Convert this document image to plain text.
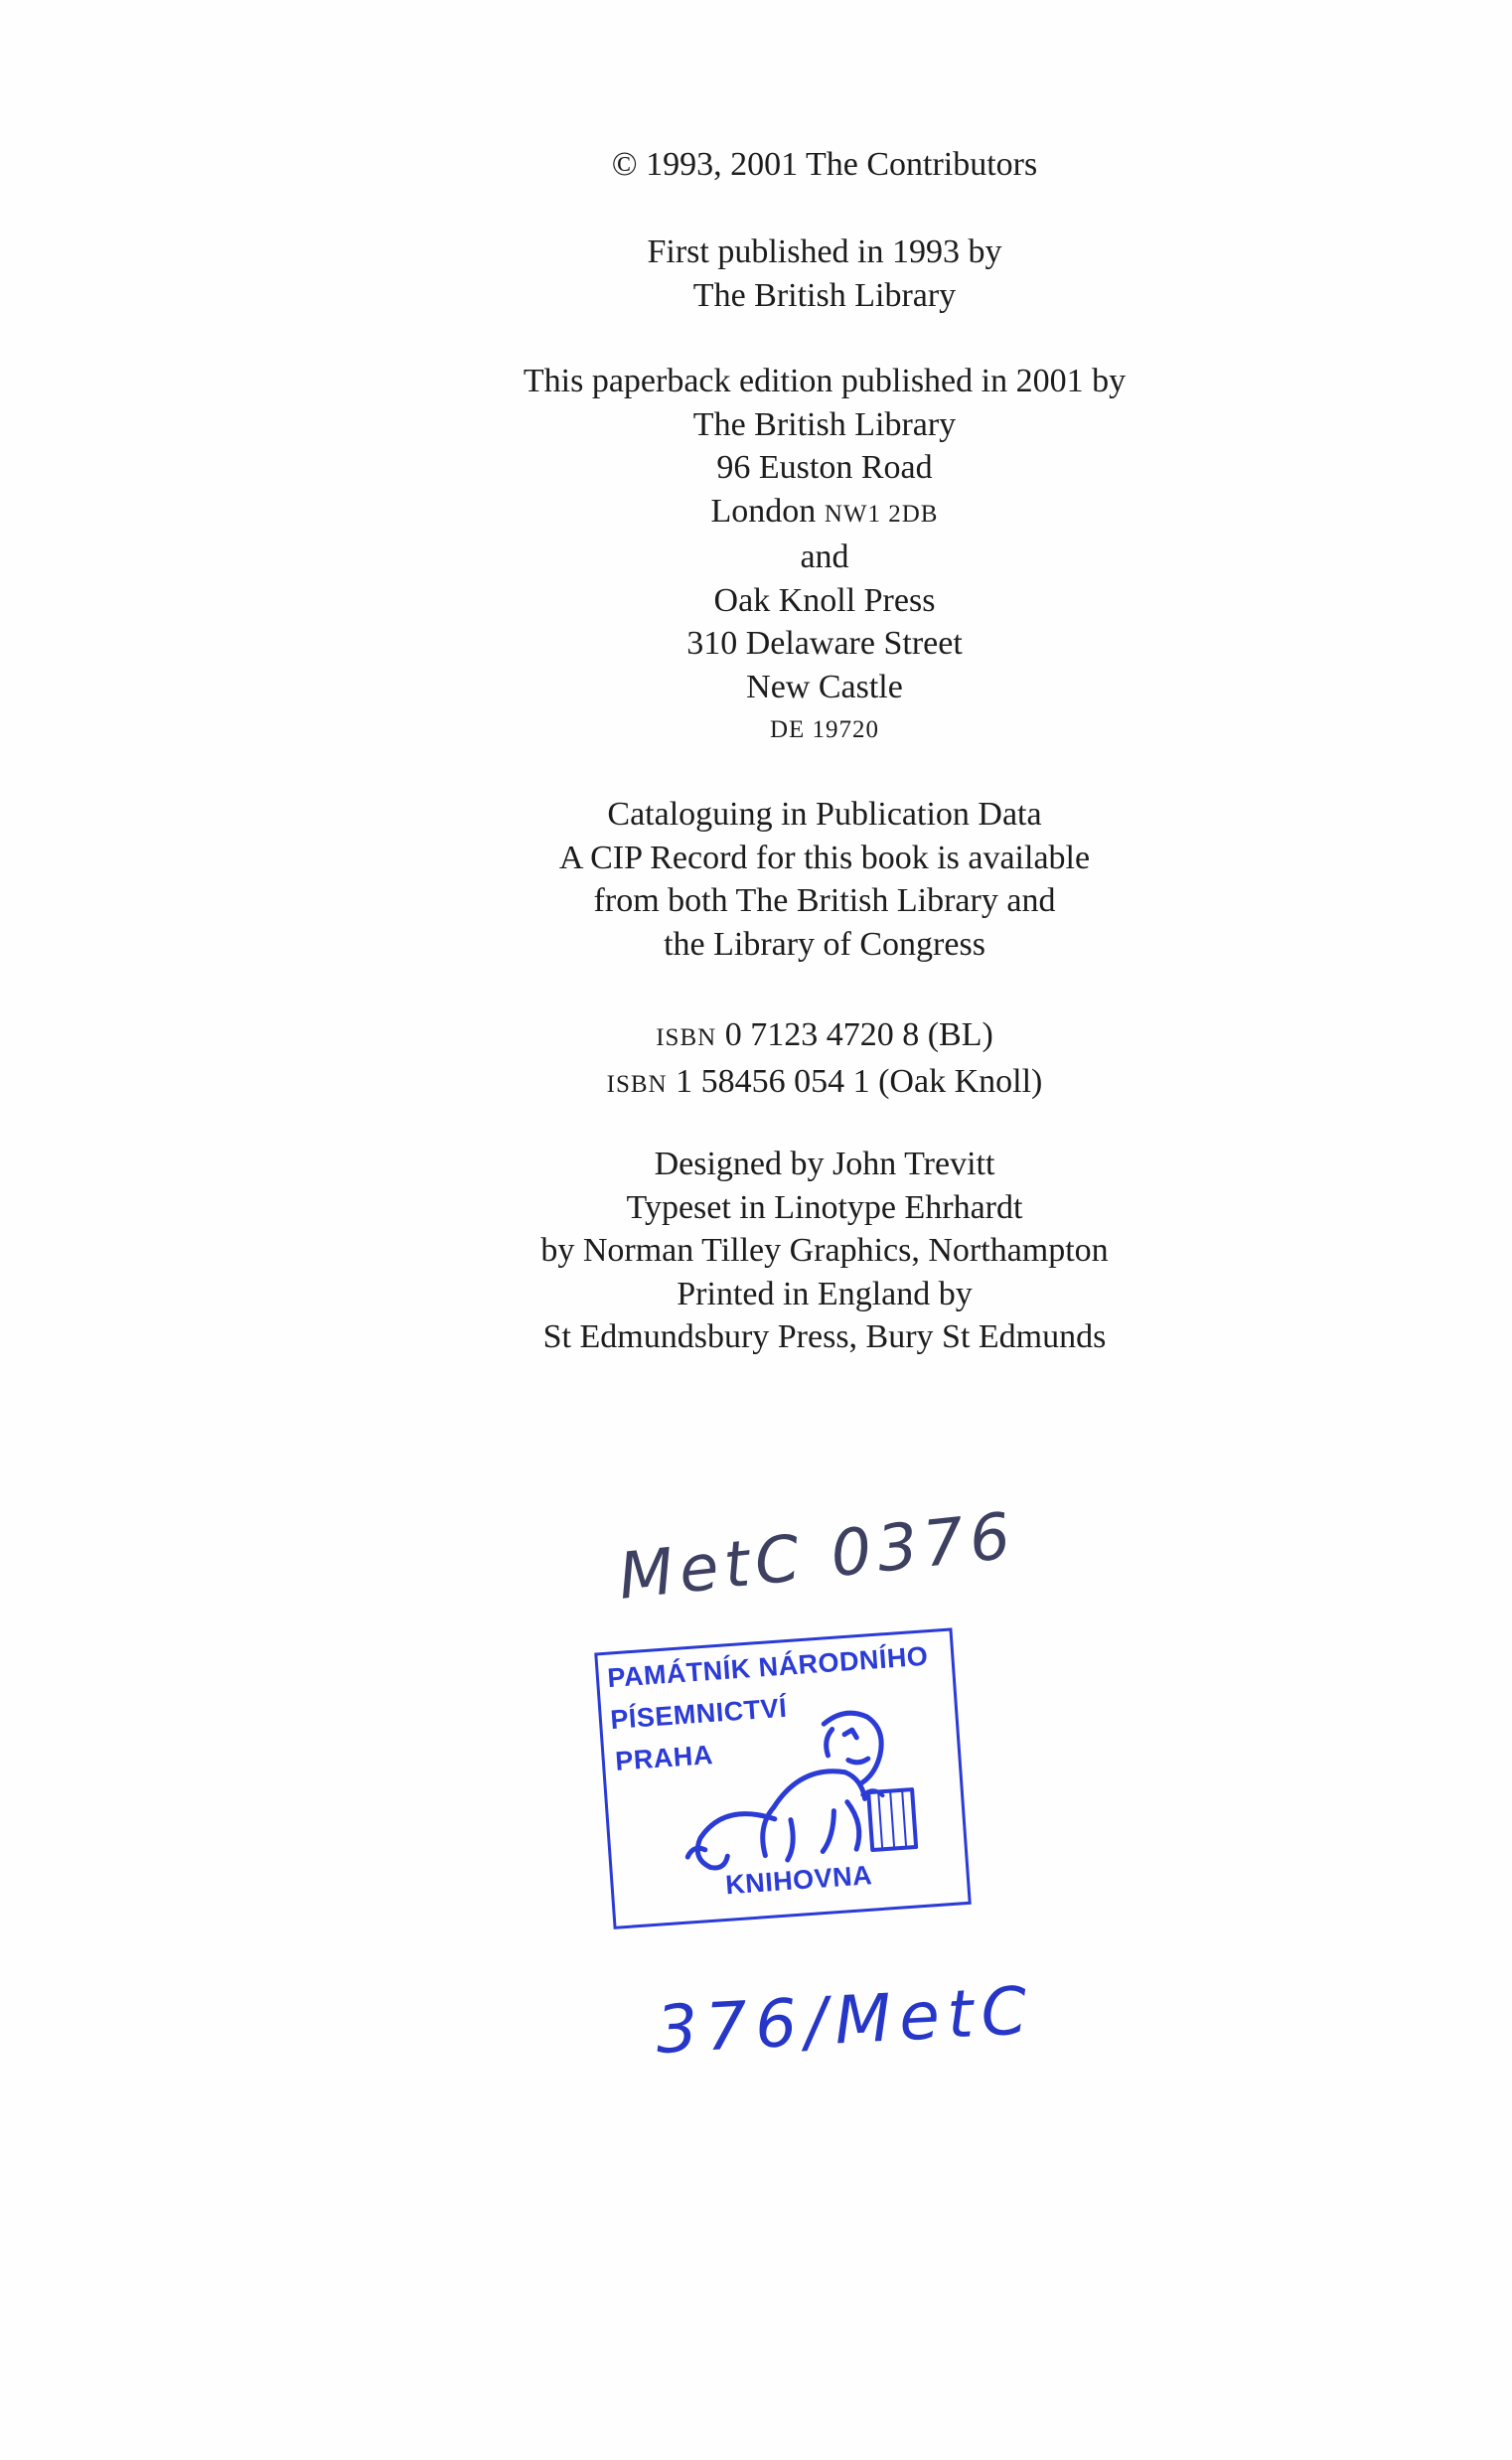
© 1993, 2001 The Contributors
First published in 1993 by
The British Library
This paperback edition published in 2001 by
The British Library
96 Euston Road
London NW1 2DB
and
Oak Knoll Press
310 Delaware Street
New Castle
DE 19720
Cataloguing in Publication Data
A CIP Record for this book is available
from both The British Library and
the Library of Congress
ISBN 0 7123 4720 8 (BL)
ISBN 1 58456 054 1 (Oak Knoll)
Designed by John Trevitt
Typeset in Linotype Ehrhardt
by Norman Tilley Graphics, Northampton
Printed in England by
St Edmundsbury Press, Bury St Edmunds
MetC 0376
PAMÁTNÍK NÁRODNÍHO
PÍSEMNICTVÍ
PRAHA
KNIHOVNA
376/MetC
